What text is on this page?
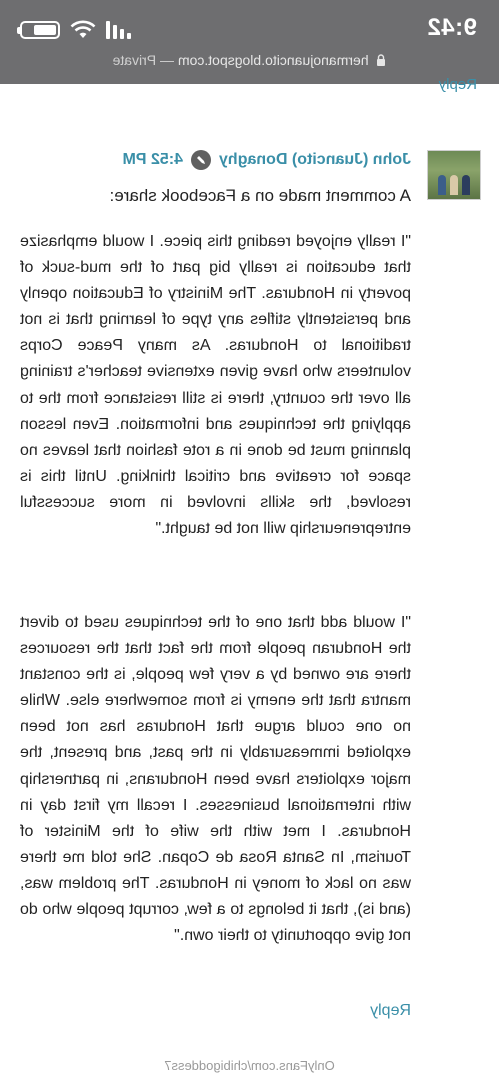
9:42
hermanojuancito.blogspot.com — Private
Reply
John (Juancito) Donaghy
4:52 PM
A comment made on a Facebook share:
"I really enjoyed reading this piece. I would emphasize that education is really big part of the mud-suck of poverty in Honduras. The Ministry of Education openly and persistently stifles any type of learning that is not traditional to Honduras. As many Peace Corps volunteers who have given extensive teacher's training all over the country, there is still resistance from the to applying the techniques and information. Even lesson planning must be done in a rote fashion that leaves no space for creative and critical thinking. Until this is resolved, the skills involved in more successful entrepreneurship will not be taught."
"I would add that one of the techniques used to divert the Honduran people from the fact that the resources there are owned by a very few people, is the constant mantra that the enemy is from somewhere else. While no one could argue that Honduras has not been exploited immeasurably in the past, and present, the major exploiters have been Hondurans, in partnership with international businesses. I recall my first day in Honduras. I met with the wife of the Minister of Tourism, In Santa Rosa de Copan. She told me there was no lack of money in Honduras. The problem was, (and is), that it belongs to a few, corrupt people who do not give opportunity to their own."
Reply
OnlyFans.com/chibigoddess7
